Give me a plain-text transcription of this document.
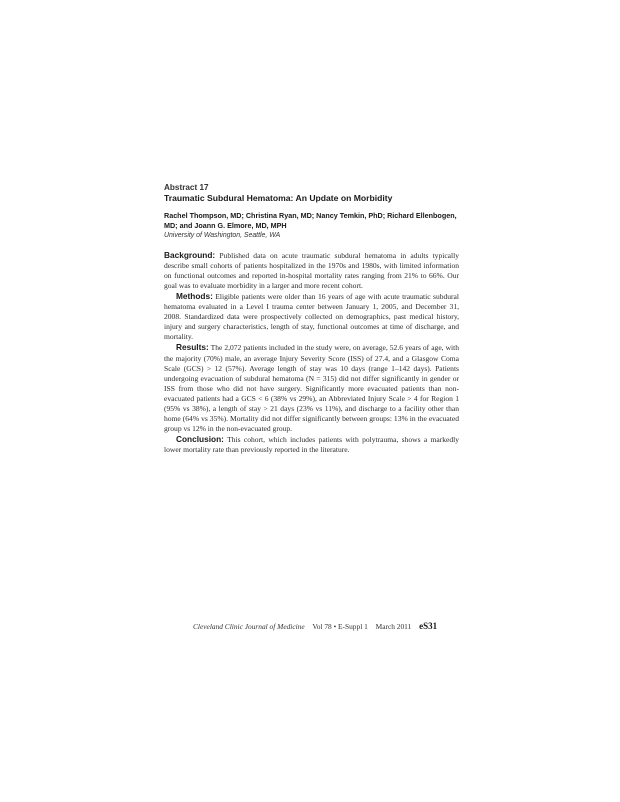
Abstract 17
Traumatic Subdural Hematoma: An Update on Morbidity
Rachel Thompson, MD; Christina Ryan, MD; Nancy Temkin, PhD; Richard Ellenbogen, MD; and Joann G. Elmore, MD, MPH
University of Washington, Seattle, WA

Background: Published data on acute traumatic subdural hematoma in adults typically describe small cohorts of patients hospitalized in the 1970s and 1980s, with limited information on functional outcomes and reported in-hospital mortality rates ranging from 21% to 66%. Our goal was to evaluate morbidity in a larger and more recent cohort.

Methods: Eligible patients were older than 16 years of age with acute traumatic subdural hematoma evaluated in a Level I trauma center between January 1, 2005, and December 31, 2008. Standardized data were prospectively collected on demographics, past medical history, injury and surgery characteristics, length of stay, functional outcomes at time of discharge, and mortality.

Results: The 2,072 patients included in the study were, on average, 52.6 years of age, with the majority (70%) male, an average Injury Severity Score (ISS) of 27.4, and a Glasgow Coma Scale (GCS) > 12 (57%). Average length of stay was 10 days (range 1–142 days). Patients undergoing evacuation of subdural hematoma (N = 315) did not differ significantly in gender or ISS from those who did not have surgery. Significantly more evacuated patients than non-evacuated patients had a GCS < 6 (38% vs 29%), an Abbreviated Injury Scale > 4 for Region 1 (95% vs 38%), a length of stay > 21 days (23% vs 11%), and discharge to a facility other than home (64% vs 35%). Mortality did not differ significantly between groups: 13% in the evacuated group vs 12% in the non-evacuated group.

Conclusion: This cohort, which includes patients with polytrauma, shows a markedly lower mortality rate than previously reported in the literature.

Cleveland Clinic Journal of Medicine Vol 78 • E-Suppl 1 March 2011 eS31
